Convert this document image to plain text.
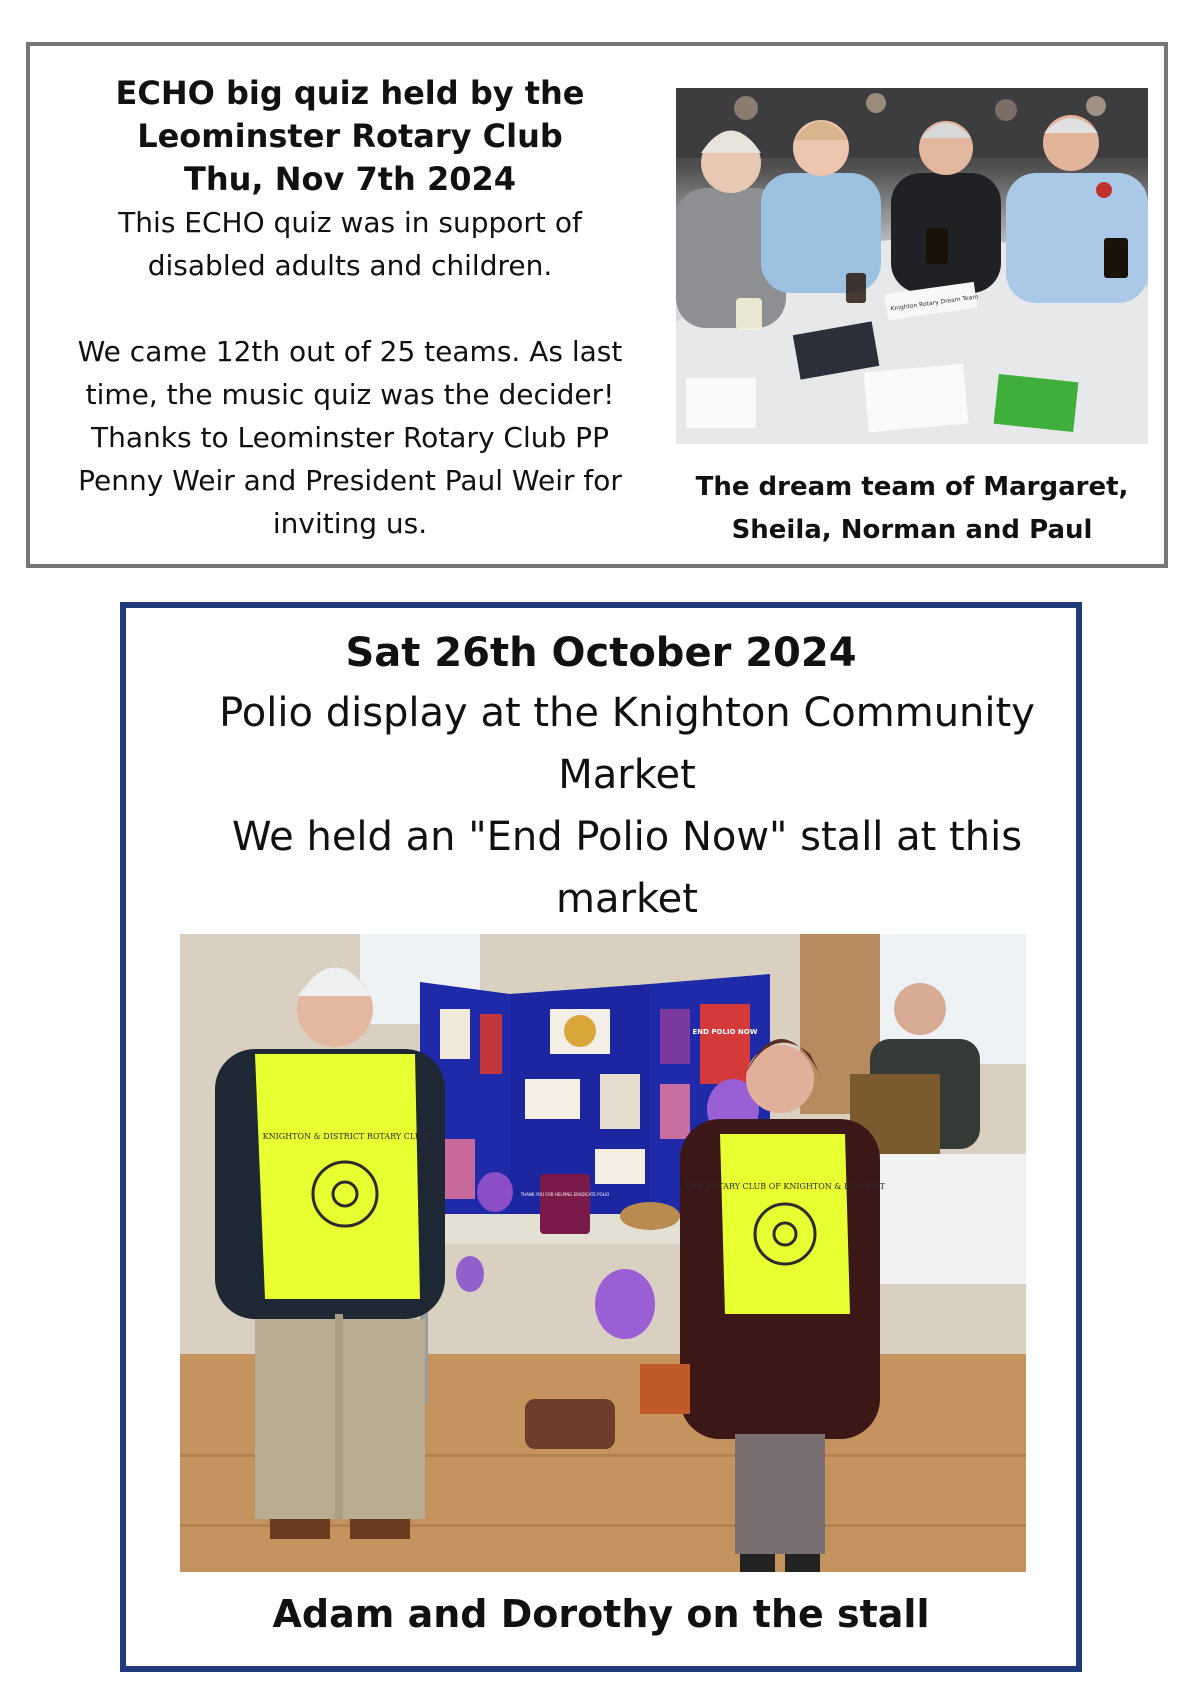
ECHO big quiz held by the

Leominster Rotary Club

Thu, Nov 7th 2024

This ECHO quiz was in support of

disabled adults and children.

We came 12th out of 25 teams. As last

time, the music quiz was the decider!

Thanks to Leominster Rotary Club PP

Penny Weir and President Paul Weir for

inviting us.

Knighton Rotary Dream Team
The dream team of Margaret,
Sheila, Norman and Paul

Sat 26th October 2024

Polio display at the Knighton Community

Market

We held an "End Polio Now" stall at this

market

END POLIO NOW
THANK YOU FOR HELPING ERADICATE POLIO
KNIGHTON & DISTRICT ROTARY CLUB
THE ROTARY CLUB OF KNIGHTON & DISTRICT
Adam and Dorothy on the stall
